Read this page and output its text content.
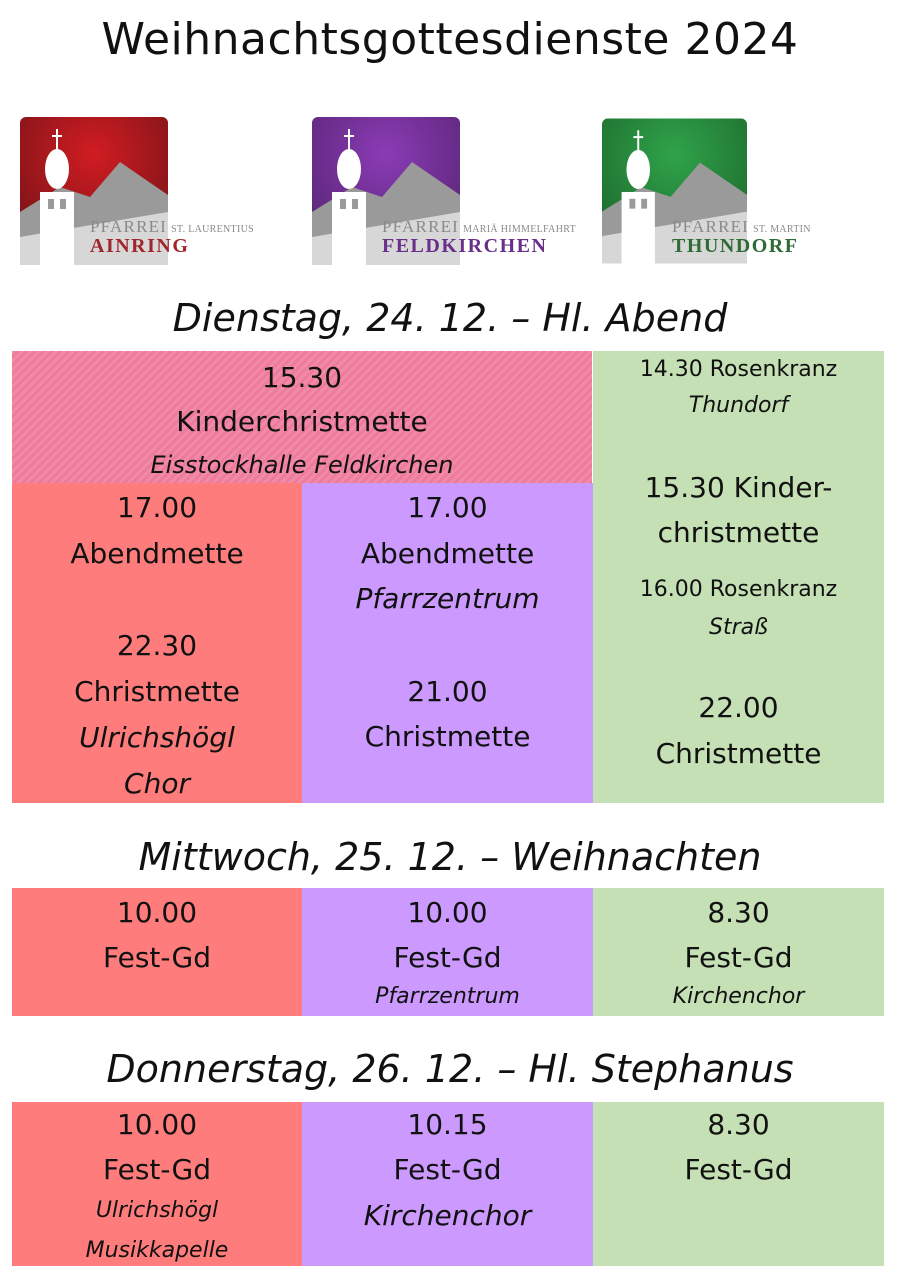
Weihnachtsgottesdienste 2024
PFARREI ST. LAURENTIUS
AINRING
PFARREI MARIÄ HIMMELFAHRT
FELDKIRCHEN
PFARREI ST. MARTIN
THUNDORF
Dienstag, 24. 12. – Hl. Abend
15.30
Kinderchristmette
Eisstockhalle Feldkirchen
17.00
Abendmette
22.30
Christmette
Ulrichshögl
Chor
17.00
Abendmette
Pfarrzentrum
21.00
Christmette
14.30 Rosenkranz
Thundorf
15.30 Kinder-
christmette
16.00 Rosenkranz
Straß
22.00
Christmette
Mittwoch, 25. 12. – Weihnachten
10.00
Fest-Gd
10.00
Fest-Gd
Pfarrzentrum
8.30
Fest-Gd
Kirchenchor
Donnerstag, 26. 12. – Hl. Stephanus
10.00
Fest-Gd
Ulrichshögl
Musikkapelle
10.15
Fest-Gd
Kirchenchor
8.30
Fest-Gd
